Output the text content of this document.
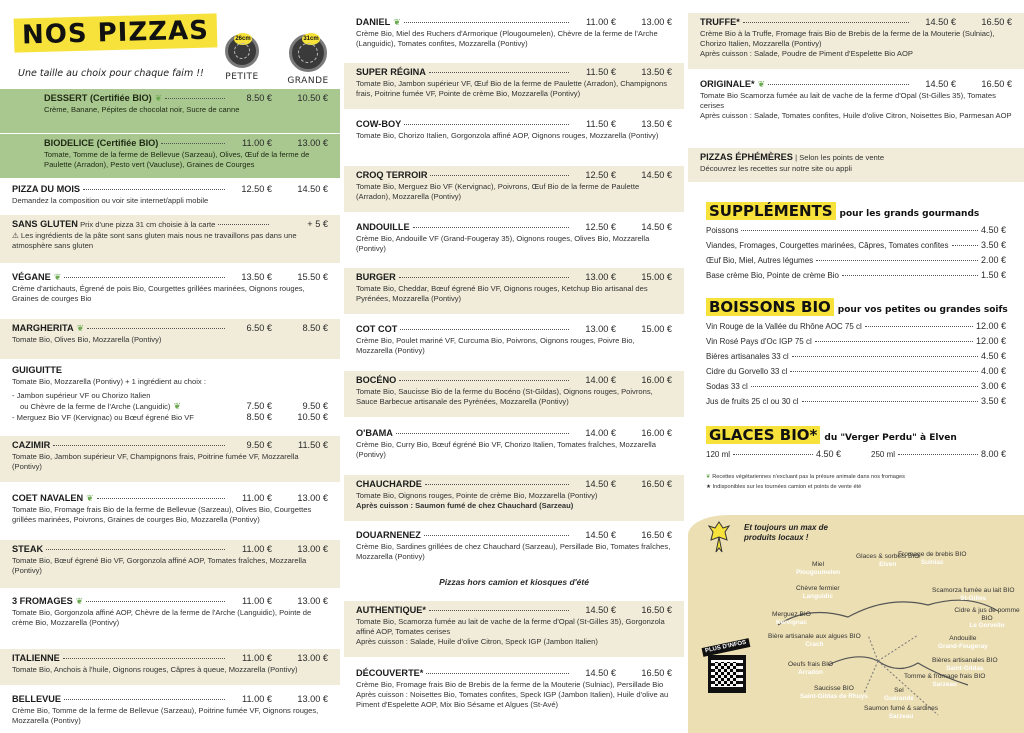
NOS PIZZAS	26cm
PETITE
31cm
GRANDE
Une taille au choix pour chaque faim !!
DESSERT (Certifiée BIO) ❦	8.50 €	10.50 €
Crème, Banane, Pépites de chocolat noir, Sucre de canne
BIODELICE (Certifiée BIO)	11.00 €	13.00 €
Tomate, Tomme de la ferme de Bellevue (Sarzeau), Olives, Œuf de la ferme de Paulette (Arradon), Pesto vert (Vaucluse), Graines de Courges
PIZZA DU MOIS	12.50 €	14.50 €
Demandez la composition ou voir site internet/appli mobile
SANS GLUTEN
Prix d'une pizza 31 cm choisie à la carte	+ 5 €
⚠ Les ingrédients de la pâte sont sans gluten mais nous ne travaillons pas dans une atmosphère sans gluten
VÉGANE ❦	13.50 €	15.50 €
Crème d'artichauts, Égrené de pois Bio, Courgettes grillées marinées, Oignons rouges, Graines de courges Bio
MARGHERITA ❦	6.50 €	8.50 €
Tomate Bio, Olives Bio, Mozzarella (Pontivy)
GUIGUITTE
Tomate Bio, Mozzarella (Pontivy) + 1 ingrédient au choix :
- Jambon supérieur VF ou Chorizo Italien
ou Chèvre de la ferme de l'Arche (Languidic) ❦	7.50 €	9.50 €
- Merguez Bio VF (Kervignac) ou Bœuf égrené Bio VF	8.50 €	10.50 €
CAZIMIR	9.50 €	11.50 €
Tomate Bio, Jambon supérieur VF, Champignons frais, Poitrine fumée VF, Mozzarella (Pontivy)
COET NAVALEN ❦	11.00 €	13.00 €
Tomate Bio, Fromage frais Bio de la ferme de Bellevue (Sarzeau), Olives Bio, Courgettes grillées marinées, Poivrons, Graines de courges Bio, Mozzarella (Pontivy)
STEAK	11.00 €	13.00 €
Tomate Bio, Bœuf égrené Bio VF, Gorgonzola affiné AOP, Tomates fraîches, Mozzarella (Pontivy)
3 FROMAGES ❦	11.00 €	13.00 €
Tomate Bio, Gorgonzola affiné AOP, Chèvre de la ferme de l'Arche (Languidic), Pointe de crème Bio, Mozzarella (Pontivy)
ITALIENNE	11.00 €	13.00 €
Tomate Bio, Anchois à l'huile, Oignons rouges, Câpres à queue, Mozzarella (Pontivy)
BELLEVUE	11.00 €	13.00 €
Crème Bio, Tomme de la ferme de Bellevue (Sarzeau), Poitrine fumée VF, Oignons rouges, Mozzarella (Pontivy)
DANIEL ❦	11.00 €	13.00 €
Crème Bio, Miel des Ruchers d'Armorique (Plougoumelen), Chèvre de la ferme de l'Arche (Languidic), Tomates confites, Mozzarella (Pontivy)
SUPER RÉGINA	11.50 €	13.50 €
Tomate Bio, Jambon supérieur VF, Œuf Bio de la ferme de Paulette (Arradon), Champignons frais, Poitrine fumée VF, Pointe de crème Bio, Mozzarella (Pontivy)
COW-BOY	11.50 €	13.50 €
Tomate Bio, Chorizo Italien, Gorgonzola affiné AOP, Oignons rouges, Mozzarella (Pontivy)
CROQ TERROIR	12.50 €	14.50 €
Tomate Bio, Merguez Bio VF (Kervignac), Poivrons, Œuf Bio de la ferme de Paulette (Arradon), Mozzarella (Pontivy)
ANDOUILLE	12.50 €	14.50 €
Crème Bio, Andouille VF (Grand-Fougeray 35), Oignons rouges, Olives Bio, Mozzarella (Pontivy)
BURGER	13.00 €	15.00 €
Tomate Bio, Cheddar, Bœuf égrené Bio VF, Oignons rouges, Ketchup Bio artisanal des Pyrénées, Mozzarella (Pontivy)
COT COT	13.00 €	15.00 €
Crème Bio, Poulet mariné VF, Curcuma Bio, Poivrons, Oignons rouges, Poivre Bio, Mozzarella (Pontivy)
BOCÉNO	14.00 €	16.00 €
Tomate Bio, Saucisse Bio de la ferme du Bocéno (St-Gildas), Oignons rouges, Poivrons, Sauce Barbecue artisanale des Pyrénées, Mozzarella (Pontivy)
O'BAMA	14.00 €	16.00 €
Crème Bio, Curry Bio, Bœuf égréné Bio VF, Chorizo Italien, Tomates fraîches, Mozzarella (Pontivy)
CHAUCHARDE	14.50 €	16.50 €
Tomate Bio, Oignons rouges, Pointe de crème Bio, Mozzarella (Pontivy)
Après cuisson : Saumon fumé de chez Chauchard (Sarzeau)
DOUARNENEZ	14.50 €	16.50 €
Crème Bio, Sardines grillées de chez Chauchard (Sarzeau), Persillade Bio, Tomates fraîches, Mozzarella (Pontivy)
Pizzas hors camion et kiosques d'été
AUTHENTIQUE*	14.50 €	16.50 €
Tomate Bio, Scamorza fumée au lait de vache de la ferme d'Opal (St-Gilles 35), Gorgonzola affiné AOP, Tomates cerises
Après cuisson : Salade, Huile d'olive Citron, Speck IGP (Jambon Italien)
DÉCOUVERTE*	14.50 €	16.50 €
Crème Bio, Fromage frais Bio de Brebis de la ferme de la Mouterie (Sulniac), Persillade Bio
Après cuisson : Noisettes Bio, Tomates confites, Speck IGP (Jambon Italien), Huile d'olive au Piment d'Espelette AOP, Mix Bio Sésame et Algues (St-Avé)
TRUFFE*	14.50 €	16.50 €
Crème Bio à la Truffe, Fromage frais Bio de Brebis de la ferme de la Mouterie (Sulniac), Chorizo Italien, Mozzarella (Pontivy)
Après cuisson : Salade, Poudre de Piment d'Espelette Bio AOP
ORIGINALE* ❦	14.50 €	16.50 €
Tomate Bio Scamorza fumée au lait de vache de la ferme d'Opal (St-Gilles 35), Tomates cerises
Après cuisson : Salade, Tomates confites, Huile d'olive Citron, Noisettes Bio, Parmesan AOP
PIZZAS ÉPHÉMÈRES
| Selon les points de vente
Découvrez les recettes sur notre site ou appli
SUPPLÉMENTS pour les grands gourmands
Poissons	4.50 €
Viandes, Fromages, Courgettes marinées, Câpres, Tomates confites	3.50 €
Œuf Bio, Miel, Autres légumes	2.00 €
Base crème Bio, Pointe de crème Bio	1.50 €
BOISSONS BIO pour vos petites ou grandes soifs
Vin Rouge de la Vallée du Rhône AOC 75 cl	12.00 €
Vin Rosé Pays d'Oc IGP 75 cl	12.00 €
Bières artisanales 33 cl	4.50 €
Cidre du Gorvello 33 cl	4.00 €
Sodas 33 cl	3.00 €
Jus de fruits 25 cl ou 30 cl	3.50 €
GLACES BIO* du "Verger Perdu" à Elven
120 ml	4.50 €	250 ml	8.00 €
❦ Recettes végétariennes n'excluant pas la présure animale dans nos fromages
★ Indisponibles sur les tournées camion et points de vente été
Et toujours un max de produits locaux !
Miel
Plougoumelen
Glaces & sorbets BIO
Elven
Fromage de brebis BIO
Sulniac
Chèvre fermier
Languidic
Scamorza fumée au lait BIO
St-Gilles
Merguez BIO
Kervignac
Cidre & jus de pomme BIO
Le Gorvello
Bière artisanale aux algues BIO
Crach
Andouille
Grand-Fougeray
Bières artisanales BIO
Saint-Gildas
Oeufs frais BIO
Arradon
Tomme & fromage frais BIO
Sarzeau
Saucisse BIO
Saint-Gildas de Rhuys
Sel
Guérande
Saumon fumé & sardines
Sarzeau
PLUS D'INFOS
